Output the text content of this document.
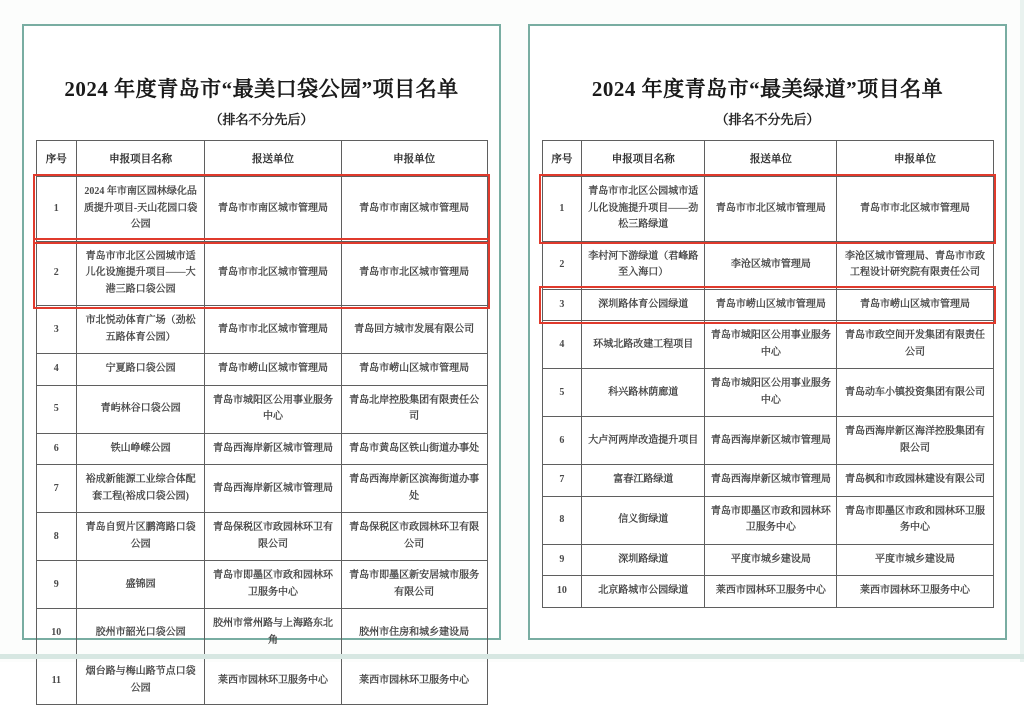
2024 年度青岛市“最美口袋公园”项目名单
（排名不分先后）
序号	申报项目名称	报送单位	申报单位
1	2024 年市南区园林绿化品质提升项目-天山花园口袋公园	青岛市市南区城市管理局	青岛市市南区城市管理局
2	青岛市市北区公园城市适儿化设施提升项目——大港三路口袋公园	青岛市市北区城市管理局	青岛市市北区城市管理局
3	市北悦动体育广场（劲松五路体育公园）	青岛市市北区城市管理局	青岛回方城市发展有限公司
4	宁夏路口袋公园	青岛市崂山区城市管理局	青岛市崂山区城市管理局
5	青屿林谷口袋公园	青岛市城阳区公用事业服务中心	青岛北岸控股集团有限责任公司
6	铁山峥嵘公园	青岛西海岸新区城市管理局	青岛市黄岛区铁山街道办事处
7	裕成新能源工业综合体配套工程(裕成口袋公园)	青岛西海岸新区城市管理局	青岛西海岸新区滨海街道办事处
8	青岛自贸片区鹏湾路口袋公园	青岛保税区市政园林环卫有限公司	青岛保税区市政园林环卫有限公司
9	盛锦园	青岛市即墨区市政和园林环卫服务中心	青岛市即墨区新安居城市服务有限公司
10	胶州市韶光口袋公园	胶州市常州路与上海路东北角	胶州市住房和城乡建设局
11	烟台路与梅山路节点口袋公园	莱西市园林环卫服务中心	莱西市园林环卫服务中心
2024 年度青岛市“最美绿道”项目名单
（排名不分先后）
序号	申报项目名称	报送单位	申报单位
1	青岛市市北区公园城市适儿化设施提升项目——劲松三路绿道	青岛市市北区城市管理局	青岛市市北区城市管理局
2	李村河下游绿道（君峰路至入海口）	李沧区城市管理局	李沧区城市管理局、青岛市市政工程设计研究院有限责任公司
3	深圳路体育公园绿道	青岛市崂山区城市管理局	青岛市崂山区城市管理局
4	环城北路改建工程项目	青岛市城阳区公用事业服务中心	青岛市政空间开发集团有限责任公司
5	科兴路林荫廊道	青岛市城阳区公用事业服务中心	青岛动车小镇投资集团有限公司
6	大卢河两岸改造提升项目	青岛西海岸新区城市管理局	青岛西海岸新区海洋控股集团有限公司
7	富春江路绿道	青岛西海岸新区城市管理局	青岛枫和市政园林建设有限公司
8	信义街绿道	青岛市即墨区市政和园林环卫服务中心	青岛市即墨区市政和园林环卫服务中心
9	深圳路绿道	平度市城乡建设局	平度市城乡建设局
10	北京路城市公园绿道	莱西市园林环卫服务中心	莱西市园林环卫服务中心
